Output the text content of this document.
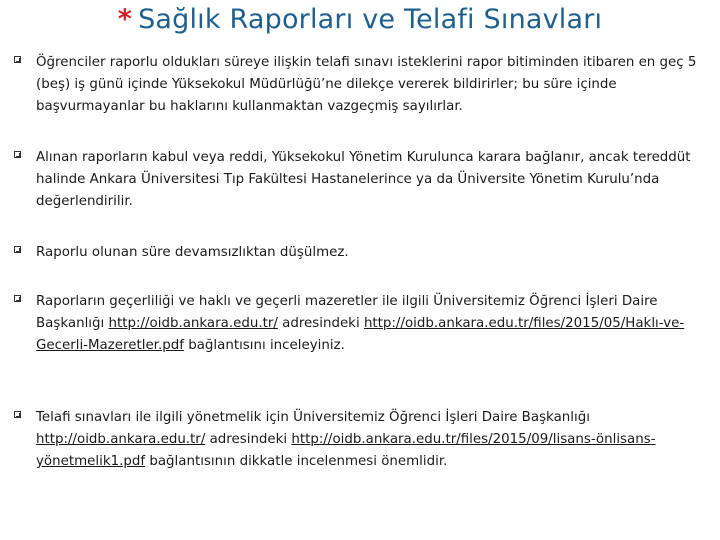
* Sağlık Raporları ve Telafi Sınavları
Öğrenciler raporlu oldukları süreye ilişkin telafi sınavı isteklerini rapor bitiminden itibaren en geç 5 (beş) iş günü içinde Yüksekokul Müdürlüğü’ne dilekçe vererek bildirirler; bu süre içinde başvurmayanlar bu haklarını kullanmaktan vazgeçmiş sayılırlar.
Alınan raporların kabul veya reddi, Yüksekokul Yönetim Kurulunca karara bağlanır, ancak tereddüt halinde Ankara Üniversitesi Tıp Fakültesi Hastanelerince ya da Üniversite Yönetim Kurulu’nda değerlendirilir.
Raporlu olunan süre devamsızlıktan düşülmez.
Raporların geçerliliği ve haklı ve geçerli mazeretler ile ilgili Üniversitemiz Öğrenci İşleri Daire Başkanlığı http://oidb.ankara.edu.tr/ adresindeki http://oidb.ankara.edu.tr/files/2015/05/Haklı-ve-Gecerli-Mazeretler.pdf bağlantısını inceleyiniz.
Telafi sınavları ile ilgili yönetmelik için Üniversitemiz Öğrenci İşleri Daire Başkanlığı http://oidb.ankara.edu.tr/ adresindeki http://oidb.ankara.edu.tr/files/2015/09/lisans-önlisans-yönetmelik1.pdf bağlantısının dikkatle incelenmesi önemlidir.
